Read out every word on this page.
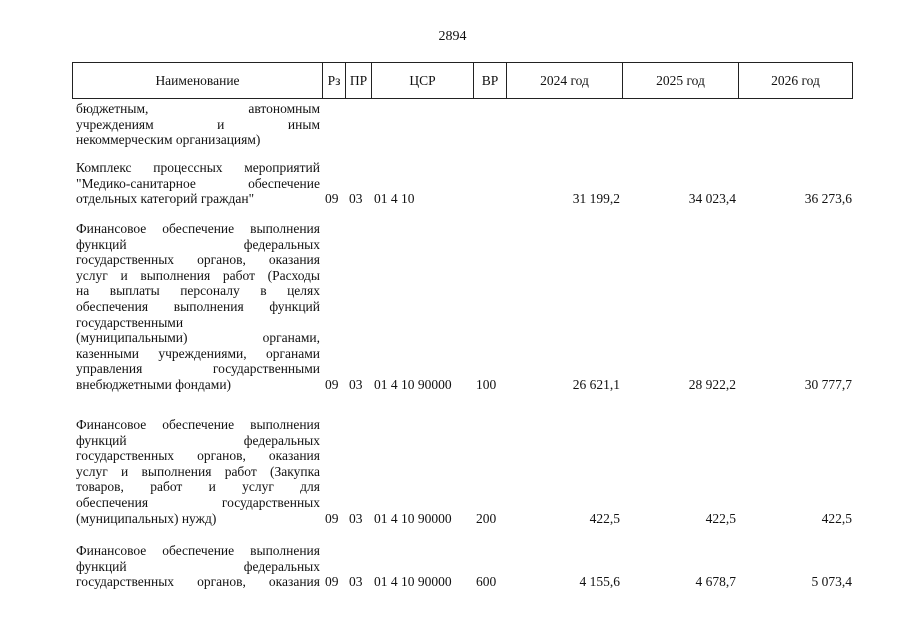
2894
Наименование	Рз ПР	ЦСР	ВР	2024 год	2025 год	2026 год
бюджетным, автономным
учреждениям и иным
некоммерческим организациям)
Комплекс процессных мероприятий
"Медико-санитарное обеспечение
отдельных категорий граждан"	09 03 01 4 10	31 199,2	34 023,4	36 273,6
Финансовое обеспечение выполнения
функций федеральных
государственных органов, оказания
услуг и выполнения работ (Расходы
на выплаты персоналу в целях
обеспечения выполнения функций
государственными
(муниципальными) органами,
казенными учреждениями, органами
управления государственными
внебюджетными фондами)	09 03 01 4 10 90000 100	26 621,1	28 922,2	30 777,7
Финансовое обеспечение выполнения
функций федеральных
государственных органов, оказания
услуг и выполнения работ (Закупка
товаров, работ и услуг для
обеспечения государственных
(муниципальных) нужд)	09 03 01 4 10 90000 200	422,5	422,5	422,5
Финансовое обеспечение выполнения
функций федеральных
государственных органов, оказания 09 03 01 4 10 90000 600	4 155,6	4 678,7	5 073,4
